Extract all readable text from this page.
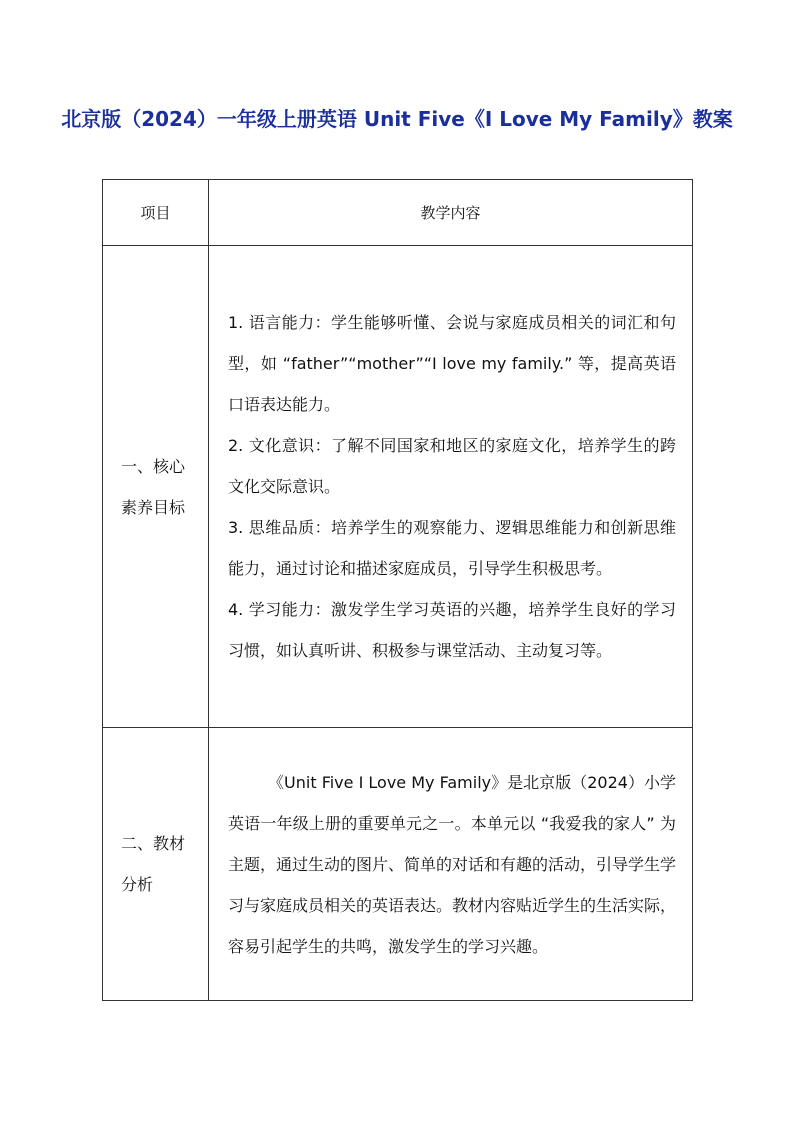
北京版（2024）一年级上册英语 Unit Five《I Love My Family》教案
项目	教学内容
一、核心素养目标	1. 语言能力：学生能够听懂、会说与家庭成员相关的词汇和句型，如 “father”“mother”“I love my family.” 等，提高英语口语表达能力。

2. 文化意识：了解不同国家和地区的家庭文化，培养学生的跨文化交际意识。

3. 思维品质：培养学生的观察能力、逻辑思维能力和创新思维能力，通过讨论和描述家庭成员，引导学生积极思考。

4. 学习能力：激发学生学习英语的兴趣，培养学生良好的学习习惯，如认真听讲、积极参与课堂活动、主动复习等。

二、教材分析	《Unit Five I Love My Family》是北京版（2024）小学英语一年级上册的重要单元之一。本单元以 “我爱我的家人” 为主题，通过生动的图片、简单的对话和有趣的活动，引导学生学习与家庭成员相关的英语表达。教材内容贴近学生的生活实际，容易引起学生的共鸣，激发学生的学习兴趣。
